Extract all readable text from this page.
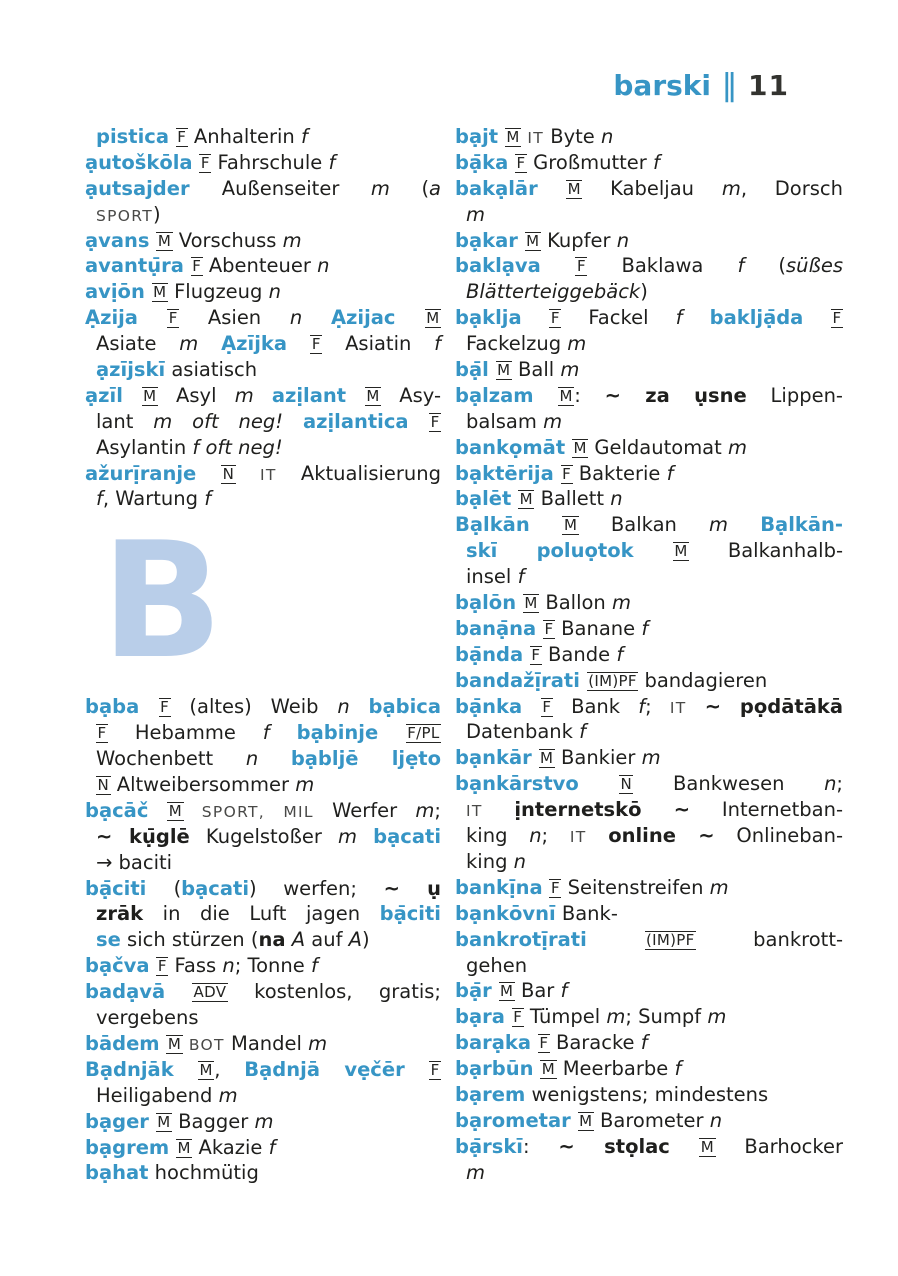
barski ‖ 11
pistica F Anhalterin f
ạutoškōla F Fahrschule f
ạutsajder Außenseiter m (a
SPORT)
ạvans M Vorschuss m
avantụ̄ra F Abenteuer n
avịōn M Flugzeug n
Ạzija F Asien n Ạzijac M
Asiate m Ạzījka F Asiatin f
ạzījskī asiatisch
ạzīl M Asyl m azịlant M Asy-
lant m oft neg! azịlantica F
Asylantin f oft neg!
ažurị̄ranje N IT Aktualisierung
f, Wartung f
B
bạba F (altes) Weib n bạbica
F Hebamme f bạbinje F/PL
Wochenbett n bạbljē ljẹto
N Altweibersommer m
bạcāč M SPORT, MIL Werfer m;
~ kụ̄glē Kugelstoßer m bạcati
→ baciti
bạ̄citi (bạcati) werfen; ~ ụ
zrāk in die Luft jagen bạ̄citi
se sich stürzen (na A auf A)
bạčva F Fass n; Tonne f
badạvā ADV kostenlos, gratis;
vergebens
bādem M BOT Mandel m
Bạdnjāk M, Bạdnjā vẹčēr F
Heiligabend m
bạger M Bagger m
bạgrem M Akazie f
bạhat hochmütig
bạjt M IT Byte n
bạ̄ka F Großmutter f
bakạlār M Kabeljau m, Dorsch
m
bạkar M Kupfer n
baklạva F Baklawa f (süßes
Blätterteiggebäck)
bạklja F Fackel f bakljạ̄da F
Fackelzug m
bạ̄l M Ball m
bạlzam M: ~ za ụsne Lippen-
balsam m
bankọmāt M Geldautomat m
bạktērija F Bakterie f
bạlēt M Ballett n
Bạlkān M Balkan m Bạlkān-
skī poluọtok M Balkanhalb-
insel f
bạlōn M Ballon m
banạ̄na F Banane f
bạ̄nda F Bande f
bandažị̄rati (IM)PF bandagieren
bạ̄nka F Bank f; IT ~ pọdātākā
Datenbank f
bạnkār M Bankier m
bạnkārstvo N Bankwesen n;
IT ịnternetskō ~ Internetban-
king n; IT online ~ Onlineban-
king n
bankị̄na F Seitenstreifen m
bạnkōvnī Bank-
bankrotị̄rati (IM)PF bankrott-
gehen
bạ̄r M Bar f
bạra F Tümpel m; Sumpf m
barạka F Baracke f
bạrbūn M Meerbarbe f
bạrem wenigstens; mindestens
bạrometar M Barometer n
bạ̄rskī: ~ stọlac M Barhocker
m
